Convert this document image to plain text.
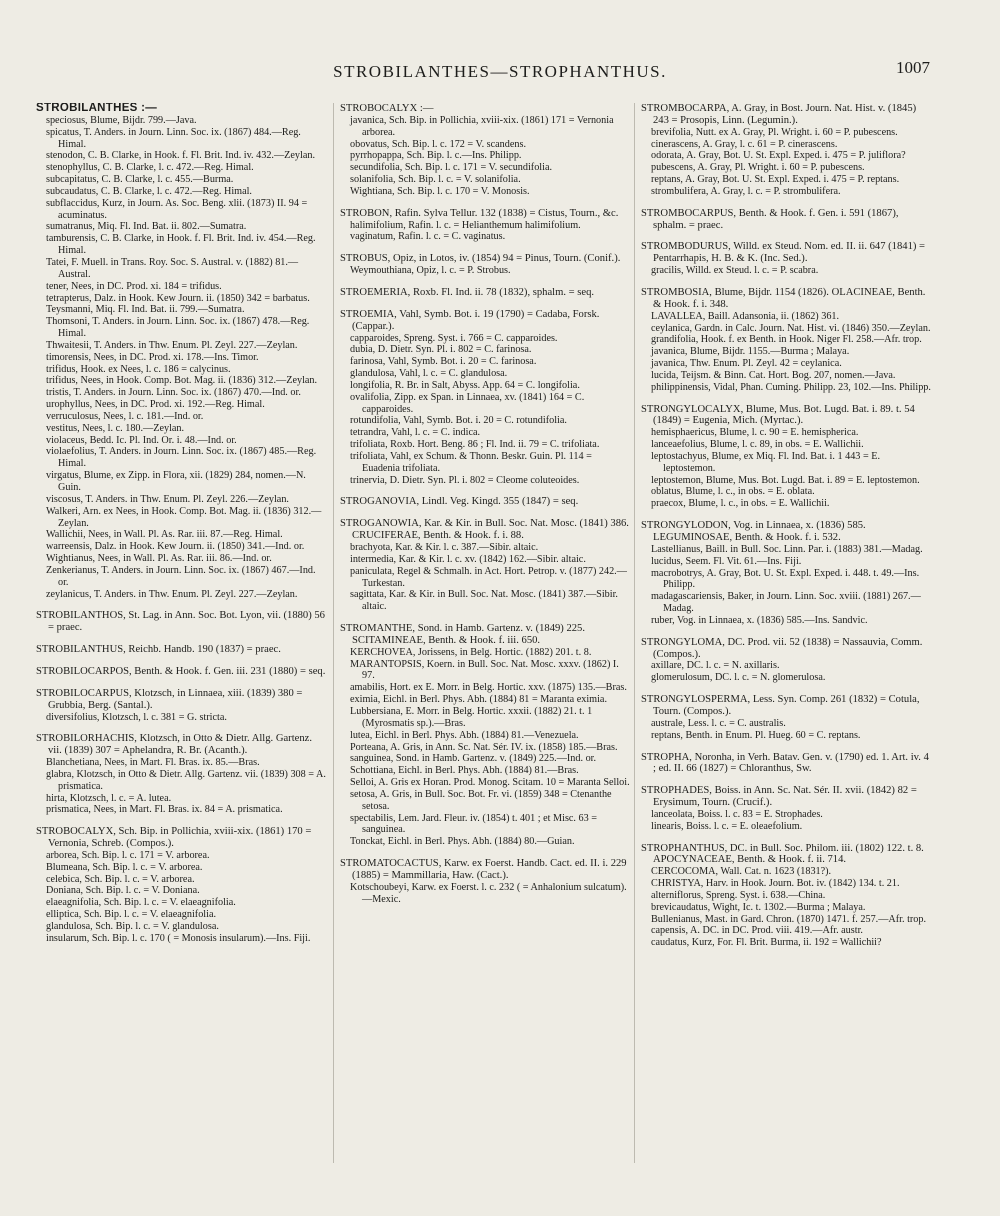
STROBILANTHES—STROPHANTHUS.	1007

STROBILANTHES :—

speciosus, Blume, Bijdr. 799.—Java.

spicatus, T. Anders. in Journ. Linn. Soc. ix. (1867) 484.—Reg. Himal.

stenodon, C. B. Clarke, in Hook. f. Fl. Brit. Ind. iv. 432.—Zeylan.

stenophyllus, C. B. Clarke, l. c. 472.—Reg. Himal.

subcapitatus, C. B. Clarke, l. c. 455.—Burma.

subcaudatus, C. B. Clarke, l. c. 472.—Reg. Himal.

subflaccidus, Kurz, in Journ. As. Soc. Beng. xlii. (1873) II. 94 = acuminatus.

sumatranus, Miq. Fl. Ind. Bat. ii. 802.—Sumatra.

tamburensis, C. B. Clarke, in Hook. f. Fl. Brit. Ind. iv. 454.—Reg. Himal.

Tatei, F. Muell. in Trans. Roy. Soc. S. Austral. v. (1882) 81.—Austral.

tener, Nees, in DC. Prod. xi. 184 = trifidus.

tetrapterus, Dalz. in Hook. Kew Journ. ii. (1850) 342 = barbatus.

Teysmanni, Miq. Fl. Ind. Bat. ii. 799.—Sumatra.

Thomsoni, T. Anders. in Journ. Linn. Soc. ix. (1867) 478.—Reg. Himal.

Thwaitesii, T. Anders. in Thw. Enum. Pl. Zeyl. 227.—Zeylan.

timorensis, Nees, in DC. Prod. xi. 178.—Ins. Timor.

trifidus, Hook. ex Nees, l. c. 186 = calycinus.

trifidus, Nees, in Hook. Comp. Bot. Mag. ii. (1836) 312.—Zeylan.

tristis, T. Anders. in Journ. Linn. Soc. ix. (1867) 470.—Ind. or.

urophyllus, Nees, in DC. Prod. xi. 192.—Reg. Himal.

verruculosus, Nees, l. c. 181.—Ind. or.

vestitus, Nees, l. c. 180.—Zeylan.

violaceus, Bedd. Ic. Pl. Ind. Or. i. 48.—Ind. or.

violaefolius, T. Anders. in Journ. Linn. Soc. ix. (1867) 485.—Reg. Himal.

virgatus, Blume, ex Zipp. in Flora, xii. (1829) 284, nomen.—N. Guin.

viscosus, T. Anders. in Thw. Enum. Pl. Zeyl. 226.—Zeylan.

Walkeri, Arn. ex Nees, in Hook. Comp. Bot. Mag. ii. (1836) 312.—Zeylan.

Wallichii, Nees, in Wall. Pl. As. Rar. iii. 87.—Reg. Himal.

warreensis, Dalz. in Hook. Kew Journ. ii. (1850) 341.—Ind. or.

Wightianus, Nees, in Wall. Pl. As. Rar. iii. 86.—Ind. or.

Zenkerianus, T. Anders. in Journ. Linn. Soc. ix. (1867) 467.—Ind. or.

zeylanicus, T. Anders. in Thw. Enum. Pl. Zeyl. 227.—Zeylan.

STROBILANTHOS, St. Lag. in Ann. Soc. Bot. Lyon, vii. (1880) 56 = praec.

STROBILANTHUS, Reichb. Handb. 190 (1837) = praec.

STROBILOCARPOS, Benth. & Hook. f. Gen. iii. 231 (1880) = seq.

STROBILOCARPUS, Klotzsch, in Linnaea, xiii. (1839) 380 = Grubbia, Berg. (Santal.).

diversifolius, Klotzsch, l. c. 381 = G. stricta.

STROBILORHACHIS, Klotzsch, in Otto & Dietr. Allg. Gartenz. vii. (1839) 307 = Aphelandra, R. Br. (Acanth.).

Blanchetiana, Nees, in Mart. Fl. Bras. ix. 85.—Bras.

glabra, Klotzsch, in Otto & Dietr. Allg. Gartenz. vii. (1839) 308 = A. prismatica.

hirta, Klotzsch, l. c. = A. lutea.

prismatica, Nees, in Mart. Fl. Bras. ix. 84 = A. prismatica.

STROBOCALYX, Sch. Bip. in Pollichia, xviii-xix. (1861) 170 = Vernonia, Schreb. (Compos.).

arborea, Sch. Bip. l. c. 171 = V. arborea.

Blumeana, Sch. Bip. l. c. = V. arborea.

celebica, Sch. Bip. l. c. = V. arborea.

Doniana, Sch. Bip. l. c. = V. Doniana.

elaeagnifolia, Sch. Bip. l. c. = V. elaeagnifolia.

elliptica, Sch. Bip. l. c. = V. elaeagnifolia.

glandulosa, Sch. Bip. l. c. = V. glandulosa.

insularum, Sch. Bip. l. c. 170 ( = Monosis insularum).—Ins. Fiji.

STROBOCALYX :—

javanica, Sch. Bip. in Pollichia, xviii-xix. (1861) 171 = Vernonia arborea.

obovatus, Sch. Bip. l. c. 172 = V. scandens.

pyrrhopappa, Sch. Bip. l. c.—Ins. Philipp.

secundifolia, Sch. Bip. l. c. 171 = V. secundifolia.

solanifolia, Sch. Bip. l. c. = V. solanifolia.

Wightiana, Sch. Bip. l. c. 170 = V. Monosis.

STROBON, Rafin. Sylva Tellur. 132 (1838) = Cistus, Tourn., &c.

halimifolium, Rafin. l. c. = Helianthemum halimifolium.

vaginatum, Rafin. l. c. = C. vaginatus.

STROBUS, Opiz, in Lotos, iv. (1854) 94 = Pinus, Tourn. (Conif.).

Weymouthiana, Opiz, l. c. = P. Strobus.

STROEMERIA, Roxb. Fl. Ind. ii. 78 (1832), sphalm. = seq.

STROEMIA, Vahl, Symb. Bot. i. 19 (1790) = Cadaba, Forsk. (Cappar.).

capparoides, Spreng. Syst. i. 766 = C. capparoides.

dubia, D. Dietr. Syn. Pl. i. 802 = C. farinosa.

farinosa, Vahl, Symb. Bot. i. 20 = C. farinosa.

glandulosa, Vahl, l. c. = C. glandulosa.

longifolia, R. Br. in Salt, Abyss. App. 64 = C. longifolia.

ovalifolia, Zipp. ex Span. in Linnaea, xv. (1841) 164 = C. capparoides.

rotundifolia, Vahl, Symb. Bot. i. 20 = C. rotundifolia.

tetrandra, Vahl, l. c. = C. indica.

trifoliata, Roxb. Hort. Beng. 86 ; Fl. Ind. ii. 79 = C. trifoliata.

trifoliata, Vahl, ex Schum. & Thonn. Beskr. Guin. Pl. 114 = Euadenia trifoliata.

trinervia, D. Dietr. Syn. Pl. i. 802 = Cleome coluteoides.

STROGANOVIA, Lindl. Veg. Kingd. 355 (1847) = seq.

STROGANOWIA, Kar. & Kir. in Bull. Soc. Nat. Mosc. (1841) 386. CRUCIFERAE, Benth. & Hook. f. i. 88.

brachyota, Kar. & Kir. l. c. 387.—Sibir. altaic.

intermedia, Kar. & Kir. l. c. xv. (1842) 162.—Sibir. altaic.

paniculata, Regel & Schmalh. in Act. Hort. Petrop. v. (1877) 242.—Turkestan.

sagittata, Kar. & Kir. in Bull. Soc. Nat. Mosc. (1841) 387.—Sibir. altaic.

STROMANTHE, Sond. in Hamb. Gartenz. v. (1849) 225. SCITAMINEAE, Benth. & Hook. f. iii. 650.

KERCHOVEA, Jorissens, in Belg. Hortic. (1882) 201. t. 8.

MARANTOPSIS, Koern. in Bull. Soc. Nat. Mosc. xxxv. (1862) I. 97.

amabilis, Hort. ex E. Morr. in Belg. Hortic. xxv. (1875) 135.—Bras.

eximia, Eichl. in Berl. Phys. Abh. (1884) 81 = Maranta eximia.

Lubbersiana, E. Morr. in Belg. Hortic. xxxii. (1882) 21. t. 1 (Myrosmatis sp.).—Bras.

lutea, Eichl. in Berl. Phys. Abh. (1884) 81.—Venezuela.

Porteana, A. Gris, in Ann. Sc. Nat. Sér. IV. ix. (1858) 185.—Bras.

sanguinea, Sond. in Hamb. Gartenz. v. (1849) 225.—Ind. or.

Schottiana, Eichl. in Berl. Phys. Abh. (1884) 81.—Bras.

Selloi, A. Gris ex Horan. Prod. Monog. Scitam. 10 = Maranta Selloi.

setosa, A. Gris, in Bull. Soc. Bot. Fr. vi. (1859) 348 = Ctenanthe setosa.

spectabilis, Lem. Jard. Fleur. iv. (1854) t. 401 ; et Misc. 63 = sanguinea.

Tonckat, Eichl. in Berl. Phys. Abh. (1884) 80.—Guian.

STROMATOCACTUS, Karw. ex Foerst. Handb. Cact. ed. II. i. 229 (1885) = Mammillaria, Haw. (Cact.).

Kotschoubeyi, Karw. ex Foerst. l. c. 232 ( = Anhalonium sulcatum).—Mexic.

STROMBOCARPA, A. Gray, in Bost. Journ. Nat. Hist. v. (1845) 243 = Prosopis, Linn. (Legumin.).

brevifolia, Nutt. ex A. Gray, Pl. Wright. i. 60 = P. pubescens.

cinerascens, A. Gray, l. c. 61 = P. cinerascens.

odorata, A. Gray, Bot. U. St. Expl. Exped. i. 475 = P. juliflora?

pubescens, A. Gray, Pl. Wright. i. 60 = P. pubescens.

reptans, A. Gray, Bot. U. St. Expl. Exped. i. 475 = P. reptans.

strombulifera, A. Gray, l. c. = P. strombulifera.

STROMBOCARPUS, Benth. & Hook. f. Gen. i. 591 (1867), sphalm. = praec.

STROMBODURUS, Willd. ex Steud. Nom. ed. II. ii. 647 (1841) = Pentarrhapis, H. B. & K. (Inc. Sed.).

gracilis, Willd. ex Steud. l. c. = P. scabra.

STROMBOSIA, Blume, Bijdr. 1154 (1826). OLACINEAE, Benth. & Hook. f. i. 348.

LAVALLEA, Baill. Adansonia, ii. (1862) 361.

ceylanica, Gardn. in Calc. Journ. Nat. Hist. vi. (1846) 350.—Zeylan.

grandifolia, Hook. f. ex Benth. in Hook. Niger Fl. 258.—Afr. trop.

javanica, Blume, Bijdr. 1155.—Burma ; Malaya.

javanica, Thw. Enum. Pl. Zeyl. 42 = ceylanica.

lucida, Teijsm. & Binn. Cat. Hort. Bog. 207, nomen.—Java.

philippinensis, Vidal, Phan. Cuming. Philipp. 23, 102.—Ins. Philipp.

STRONGYLOCALYX, Blume, Mus. Bot. Lugd. Bat. i. 89. t. 54 (1849) = Eugenia, Mich. (Myrtac.).

hemisphaericus, Blume, l. c. 90 = E. hemispherica.

lanceaefolius, Blume, l. c. 89, in obs. = E. Wallichii.

leptostachyus, Blume, ex Miq. Fl. Ind. Bat. i. 1 443 = E. leptostemon.

leptostemon, Blume, Mus. Bot. Lugd. Bat. i. 89 = E. leptostemon.

oblatus, Blume, l. c., in obs. = E. oblata.

praecox, Blume, l. c., in obs. = E. Wallichii.

STRONGYLODON, Vog. in Linnaea, x. (1836) 585. LEGUMINOSAE, Benth. & Hook. f. i. 532.

Lastellianus, Baill. in Bull. Soc. Linn. Par. i. (1883) 381.—Madag.

lucidus, Seem. Fl. Vit. 61.—Ins. Fiji.

macrobotrys, A. Gray, Bot. U. St. Expl. Exped. i. 448. t. 49.—Ins. Philipp.

madagascariensis, Baker, in Journ. Linn. Soc. xviii. (1881) 267.—Madag.

ruber, Vog. in Linnaea, x. (1836) 585.—Ins. Sandvic.

STRONGYLOMA, DC. Prod. vii. 52 (1838) = Nassauvia, Comm. (Compos.).

axillare, DC. l. c. = N. axillaris.

glomerulosum, DC. l. c. = N. glomerulosa.

STRONGYLOSPERMA, Less. Syn. Comp. 261 (1832) = Cotula, Tourn. (Compos.).

australe, Less. l. c. = C. australis.

reptans, Benth. in Enum. Pl. Hueg. 60 = C. reptans.

STROPHA, Noronha, in Verh. Batav. Gen. v. (1790) ed. 1. Art. iv. 4 ; ed. II. 66 (1827) = Chloranthus, Sw.

STROPHADES, Boiss. in Ann. Sc. Nat. Sér. II. xvii. (1842) 82 = Erysimum, Tourn. (Crucif.).

lanceolata, Boiss. l. c. 83 = E. Strophades.

linearis, Boiss. l. c. = E. oleaefolium.

STROPHANTHUS, DC. in Bull. Soc. Philom. iii. (1802) 122. t. 8. APOCYNACEAE, Benth. & Hook. f. ii. 714.

CERCOCOMA, Wall. Cat. n. 1623 (1831?).

CHRISTYA, Harv. in Hook. Journ. Bot. iv. (1842) 134. t. 21.

alterniflorus, Spreng. Syst. i. 638.—China.

brevicaudatus, Wight, Ic. t. 1302.—Burma ; Malaya.

Bullenianus, Mast. in Gard. Chron. (1870) 1471. f. 257.—Afr. trop.

capensis, A. DC. in DC. Prod. viii. 419.—Afr. austr.

caudatus, Kurz, For. Fl. Brit. Burma, ii. 192 = Wallichii?
